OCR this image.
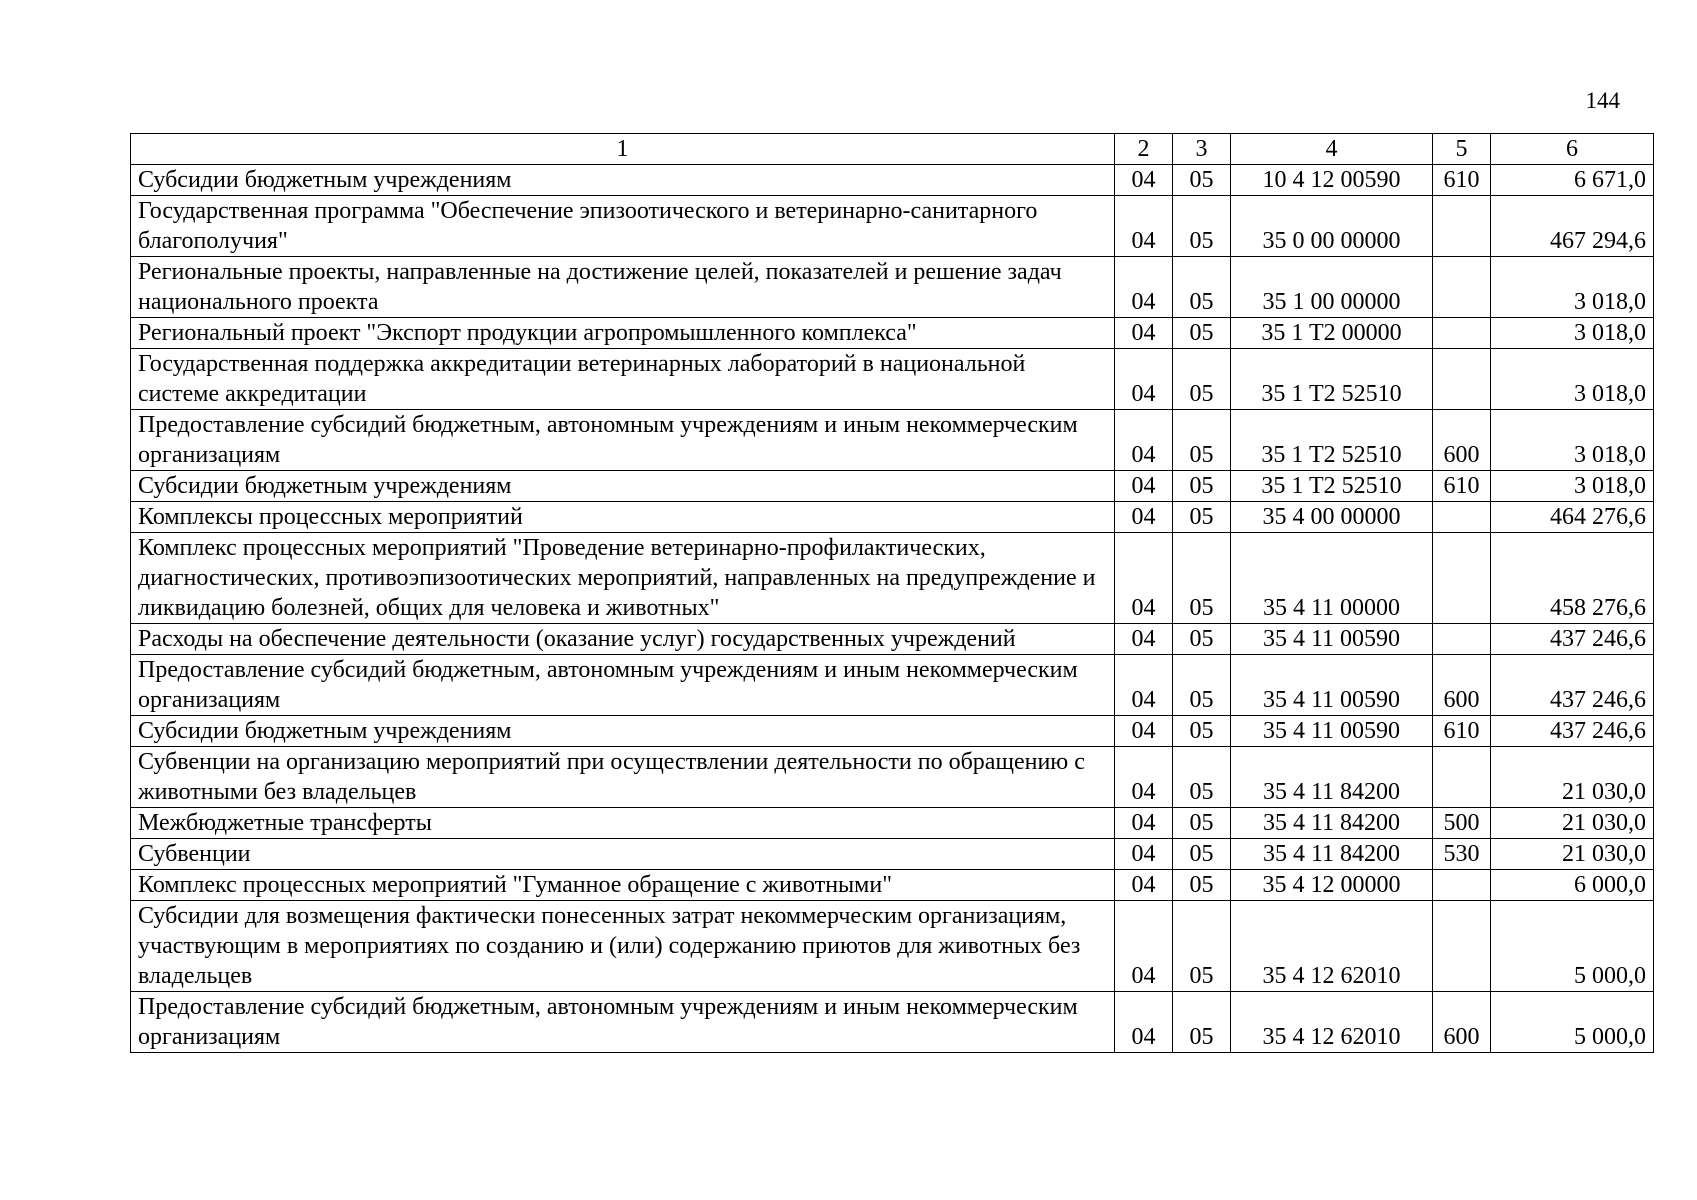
144
1	2	3	4	5	6
Субсидии бюджетным учреждениям	04	05	10 4 12 00590	610	6 671,0
Государственная программа "Обеспечение эпизоотического и ветеринарно-санитарного благополучия"	04	05	35 0 00 00000		467 294,6
Региональные проекты, направленные на достижение целей, показателей и решение задач национального проекта	04	05	35 1 00 00000		3 018,0
Региональный проект "Экспорт продукции агропромышленного комплекса"	04	05	35 1 T2 00000		3 018,0
Государственная поддержка аккредитации ветеринарных лабораторий в национальной системе аккредитации	04	05	35 1 T2 52510		3 018,0
Предоставление субсидий бюджетным, автономным учреждениям и иным некоммерческим организациям	04	05	35 1 T2 52510	600	3 018,0
Субсидии бюджетным учреждениям	04	05	35 1 T2 52510	610	3 018,0
Комплексы процессных мероприятий	04	05	35 4 00 00000		464 276,6
Комплекс процессных мероприятий "Проведение ветеринарно-профилактических, диагностических, противоэпизоотических мероприятий, направленных на предупреждение и ликвидацию болезней, общих для человека и животных"	04	05	35 4 11 00000		458 276,6
Расходы на обеспечение деятельности (оказание услуг) государственных учреждений	04	05	35 4 11 00590		437 246,6
Предоставление субсидий бюджетным, автономным учреждениям и иным некоммерческим организациям	04	05	35 4 11 00590	600	437 246,6
Субсидии бюджетным учреждениям	04	05	35 4 11 00590	610	437 246,6
Субвенции на организацию мероприятий при осуществлении деятельности по обращению с животными без владельцев	04	05	35 4 11 84200		21 030,0
Межбюджетные трансферты	04	05	35 4 11 84200	500	21 030,0
Субвенции	04	05	35 4 11 84200	530	21 030,0
Комплекс процессных мероприятий "Гуманное обращение с животными"	04	05	35 4 12 00000		6 000,0
Субсидии для возмещения фактически понесенных затрат некоммерческим организациям, участвующим в мероприятиях по созданию и (или) содержанию приютов для животных без владельцев	04	05	35 4 12 62010		5 000,0
Предоставление субсидий бюджетным, автономным учреждениям и иным некоммерческим организациям	04	05	35 4 12 62010	600	5 000,0
